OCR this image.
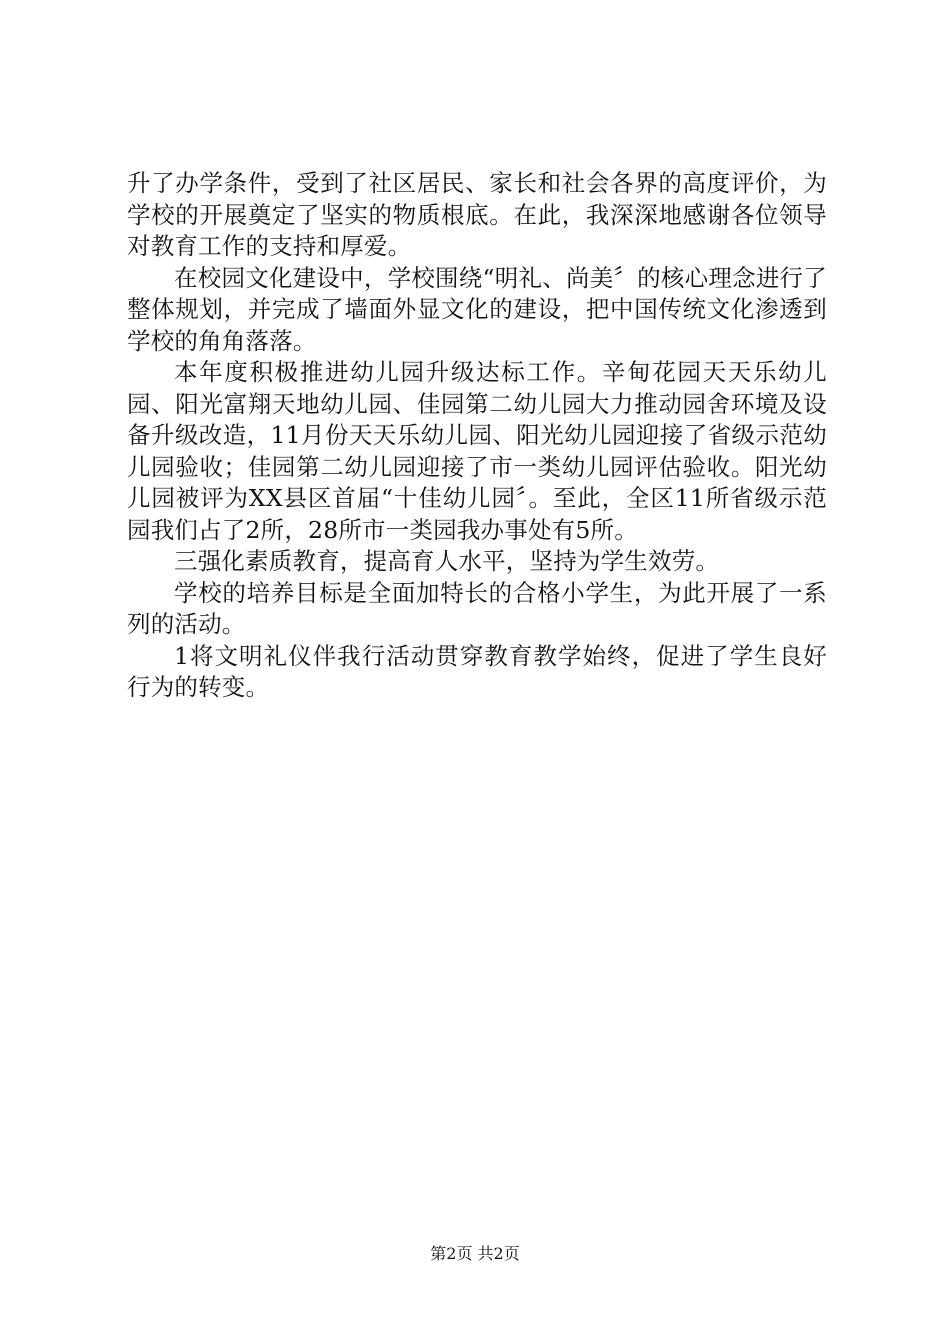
升了办学条件，受到了社区居民、家长和社会各界的高度评价，为学校的开展奠定了坚实的物质根底。在此，我深深地感谢各位领导对教育工作的支持和厚爱。

在校园文化建设中，学校围绕“明礼、尚美〞的核心理念进行了整体规划，并完成了墙面外显文化的建设，把中国传统文化渗透到学校的角角落落。

本年度积极推进幼儿园升级达标工作。辛甸花园天天乐幼儿园、阳光富翔天地幼儿园、佳园第二幼儿园大力推动园舍环境及设备升级改造，11月份天天乐幼儿园、阳光幼儿园迎接了省级示范幼儿园验收；佳园第二幼儿园迎接了市一类幼儿园评估验收。阳光幼儿园被评为XX县区首届“十佳幼儿园〞。至此，全区11所省级示范园我们占了2所，28所市一类园我办事处有5所。

三强化素质教育，提高育人水平，坚持为学生效劳。

学校的培养目标是全面加特长的合格小学生，为此开展了一系列的活动。

1将文明礼仪伴我行活动贯穿教育教学始终，促进了学生良好行为的转变。

第2页 共2页
